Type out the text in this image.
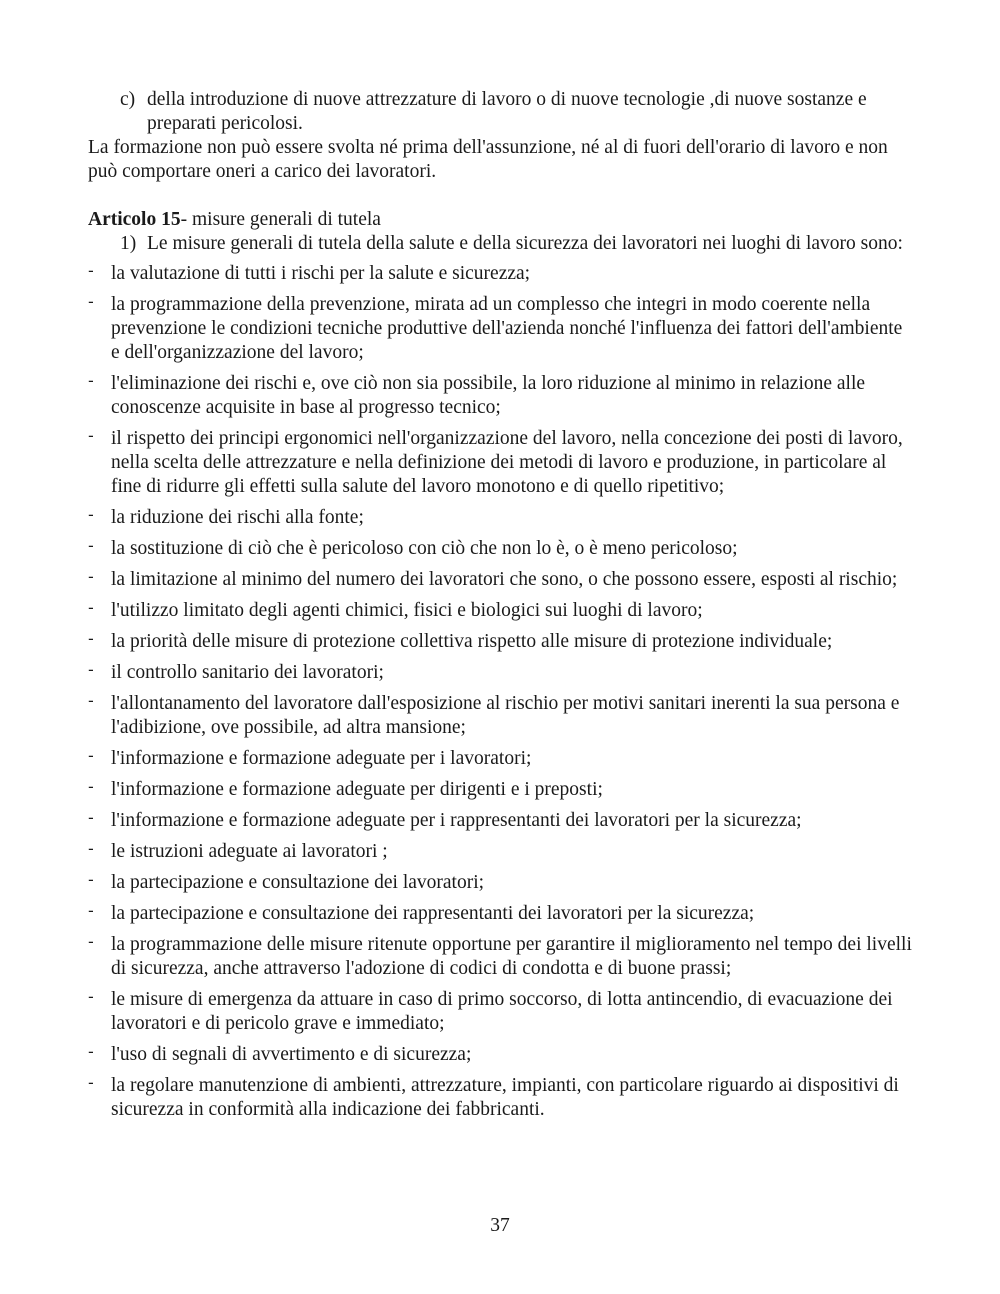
c) della introduzione di nuove attrezzature di lavoro o di nuove tecnologie ,di nuove sostanze e preparati pericolosi.

La formazione non può essere svolta né prima dell'assunzione, né al di fuori dell'orario di lavoro e non può comportare oneri a carico dei lavoratori.

Articolo 15- misure generali di tutela
1) Le misure generali di tutela della salute e della sicurezza dei lavoratori nei luoghi di lavoro sono:
- la valutazione di tutti i rischi per la salute e sicurezza;
- la programmazione della prevenzione, mirata ad un complesso che integri in modo coerente nella prevenzione le condizioni tecniche produttive dell'azienda nonché l'influenza dei fattori dell'ambiente e dell'organizzazione del lavoro;
- l'eliminazione dei rischi e, ove ciò non sia possibile, la loro riduzione al minimo in relazione alle conoscenze acquisite in base al progresso tecnico;
- il rispetto dei principi ergonomici nell'organizzazione del lavoro, nella concezione dei posti di lavoro, nella scelta delle attrezzature e nella definizione dei metodi di lavoro e produzione, in particolare al fine di ridurre gli effetti sulla salute del lavoro monotono e di quello ripetitivo;
- la riduzione dei rischi alla fonte;
- la sostituzione di ciò che è pericoloso con ciò che non lo è, o è meno pericoloso;
- la limitazione al minimo del numero dei lavoratori che sono, o che possono essere, esposti al rischio;
- l'utilizzo limitato degli agenti chimici, fisici e biologici sui luoghi di lavoro;
- la priorità delle misure di protezione collettiva rispetto alle misure di protezione individuale;
- il controllo sanitario dei lavoratori;
- l'allontanamento del lavoratore dall'esposizione al rischio per motivi sanitari inerenti la sua persona e l'adibizione, ove possibile, ad altra mansione;
- l'informazione e formazione adeguate per i lavoratori;
- l'informazione e formazione adeguate per dirigenti e i preposti;
- l'informazione e formazione adeguate per i rappresentanti dei lavoratori per la sicurezza;
- le istruzioni adeguate ai lavoratori ;
- la partecipazione e consultazione dei lavoratori;
- la partecipazione e consultazione dei rappresentanti dei lavoratori per la sicurezza;
- la programmazione delle misure ritenute opportune per garantire il miglioramento nel tempo dei livelli di sicurezza, anche attraverso l'adozione di codici di condotta e di buone prassi;
- le misure di emergenza da attuare in caso di primo soccorso, di lotta antincendio, di evacuazione dei lavoratori e di pericolo grave e immediato;
- l'uso di segnali di avvertimento e di sicurezza;
- la regolare manutenzione di ambienti, attrezzature, impianti, con particolare riguardo ai dispositivi di sicurezza in conformità alla indicazione dei fabbricanti.
37
